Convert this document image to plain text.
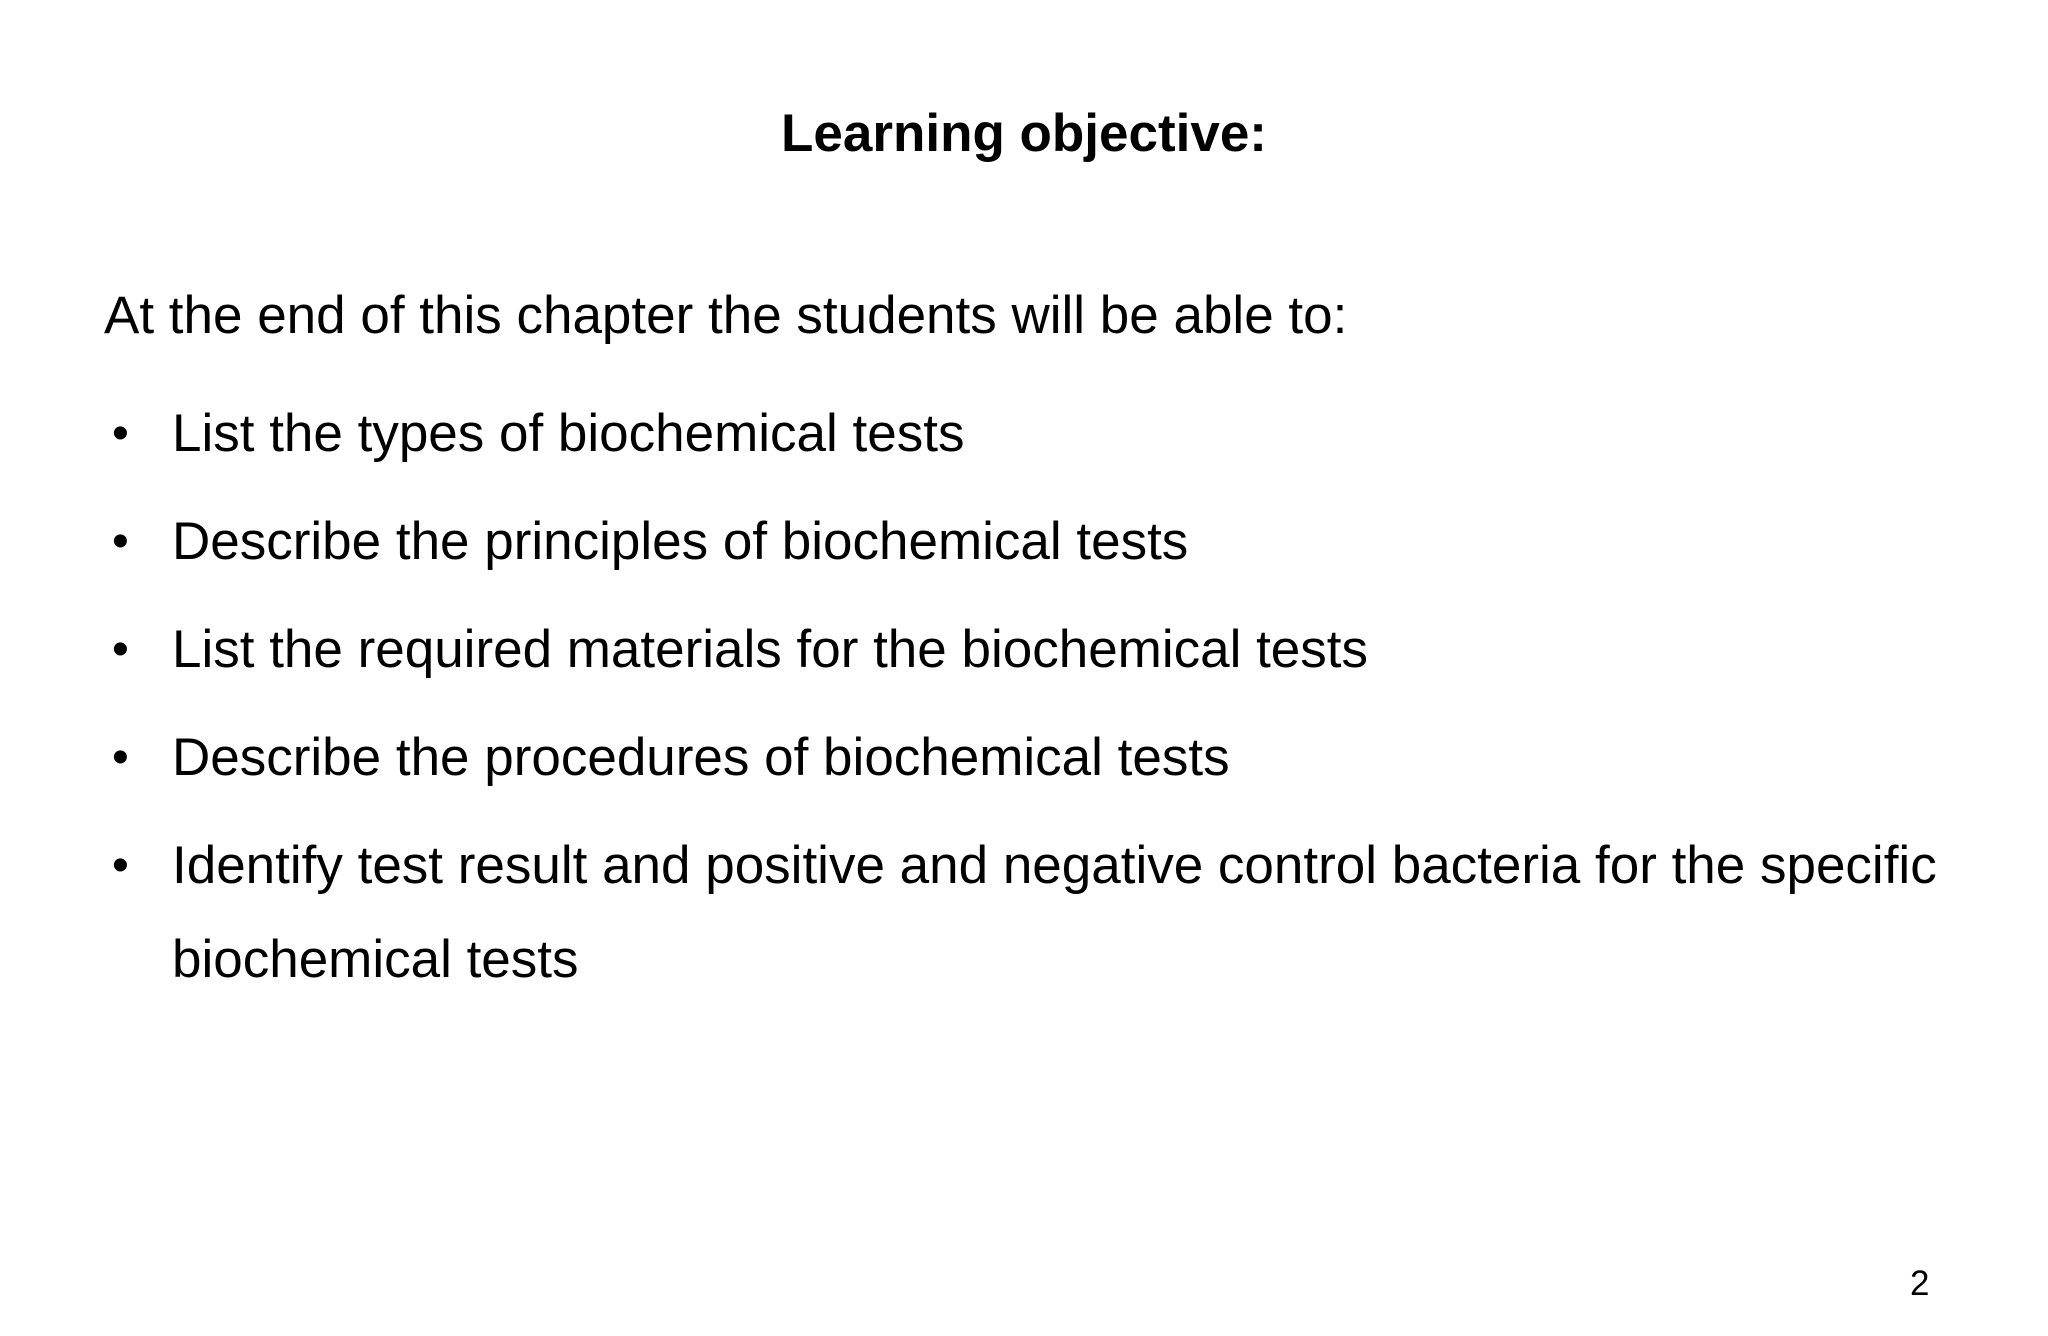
Learning objective:
At the end of this chapter the students will be able to:
• List the types of biochemical tests
• Describe the principles of biochemical tests
• List the required materials for the biochemical tests
• Describe the procedures of biochemical tests
• Identify test result and positive and negative control bacteria for the specific biochemical tests
2
